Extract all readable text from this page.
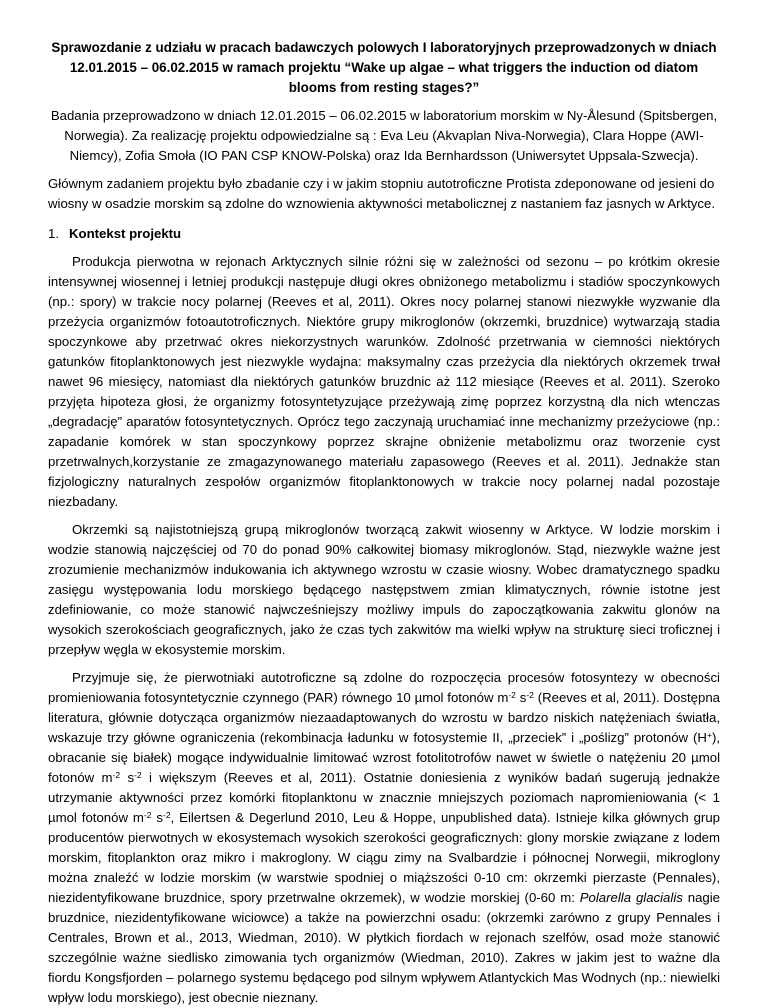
Sprawozdanie z udziału w pracach badawczych polowych I laboratoryjnych przeprowadzonych w dniach 12.01.2015 – 06.02.2015 w ramach projektu “Wake up algae – what triggers the induction od diatom blooms from resting stages?”

Badania przeprowadzono w dniach 12.01.2015 – 06.02.2015 w laboratorium morskim w Ny-Ålesund (Spitsbergen, Norwegia). Za realizację projektu odpowiedzialne są : Eva Leu (Akvaplan Niva-Norwegia), Clara Hoppe (AWI-Niemcy), Zofia Smoła (IO PAN CSP KNOW-Polska) oraz Ida Bernhardsson (Uniwersytet Uppsala-Szwecja).

Głównym zadaniem projektu było zbadanie czy i w jakim stopniu autotroficzne Protista zdeponowane od jesieni do wiosny w osadzie morskim są zdolne do wznowienia aktywności metabolicznej z nastaniem faz jasnych w Arktyce.

1. Kontekst projektu

Produkcja pierwotna w rejonach Arktycznych silnie różni się w zależności od sezonu – po krótkim okresie intensywnej wiosennej i letniej produkcji następuje długi okres obniżonego metabolizmu i stadiów spoczynkowych (np.: spory) w trakcie nocy polarnej (Reeves et al, 2011). Okres nocy polarnej stanowi niezwykłe wyzwanie dla przeżycia organizmów fotoautotroficznych. Niektóre grupy mikroglonów (okrzemki, bruzdnice) wytwarzają stadia spoczynkowe aby przetrwać okres niekorzystnych warunków. Zdolność przetrwania w ciemności niektórych gatunków fitoplanktonowych jest niezwykle wydajna: maksymalny czas przeżycia dla niektórych okrzemek trwał nawet 96 miesięcy, natomiast dla niektórych gatunków bruzdnic aż 112 miesiące (Reeves et al. 2011). Szeroko przyjęta hipoteza głosi, że organizmy fotosyntetyzujące przeżywają zimę poprzez korzystną dla nich wtenczas „degradację” aparatów fotosyntetycznych. Oprócz tego zaczynają uruchamiać inne mechanizmy przeżyciowe (np.: zapadanie komórek w stan spoczynkowy poprzez skrajne obniżenie metabolizmu oraz tworzenie cyst przetrwalnych,korzystanie ze zmagazynowanego materiału zapasowego (Reeves et al. 2011). Jednakże stan fizjologiczny naturalnych zespołów organizmów fitoplanktonowych w trakcie nocy polarnej nadal pozostaje niezbadany.

Okrzemki są najistotniejszą grupą mikroglonów tworzącą zakwit wiosenny w Arktyce. W lodzie morskim i wodzie stanowią najczęściej od 70 do ponad 90% całkowitej biomasy mikroglonów. Stąd, niezwykle ważne jest zrozumienie mechanizmów indukowania ich aktywnego wzrostu w czasie wiosny. Wobec dramatycznego spadku zasięgu występowania lodu morskiego będącego następstwem zmian klimatycznych, równie istotne jest zdefiniowanie, co może stanowić najwcześniejszy możliwy impuls do zapoczątkowania zakwitu glonów na wysokich szerokościach geograficznych, jako że czas tych zakwitów ma wielki wpływ na strukturę sieci troficznej i przepływ węgla w ekosystemie morskim.

Przyjmuje się, że pierwotniaki autotroficzne są zdolne do rozpoczęcia procesów fotosyntezy w obecności promieniowania fotosyntetycznie czynnego (PAR) równego 10 µmol fotonów $m^{-2}$ $s^{-2}$ (Reeves et al, 2011). Dostępna literatura, głównie dotycząca organizmów niezaadaptowanych do wzrostu w bardzo niskich natężeniach światła, wskazuje trzy główne ograniczenia (rekombinacja ładunku w fotosystemie II, „przeciek” i „poślizg” protonów (H+), obracanie się białek) mogące indywidualnie limitować wzrost fotolitotrofów nawet w świetle o natężeniu 20 µmol fotonów $m^{-2}$ $s^{-2}$ i większym (Reeves et al, 2011). Ostatnie doniesienia z wyników badań sugerują jednakże utrzymanie aktywności przez komórki fitoplanktonu w znacznie mniejszych poziomach napromieniowania (< 1 µmol fotonów $m^{-2}$ $s^{-2}$, Eilertsen & Degerlund 2010, Leu & Hoppe, unpublished data). Istnieje kilka głównych grup producentów pierwotnych w ekosystemach wysokich szerokości geograficznych: glony morskie związane z lodem morskim, fitoplankton oraz mikro i makroglony. W ciągu zimy na Svalbardzie i północnej Norwegii, mikroglony można znaleźć w lodzie morskim (w warstwie spodniej o miąższości 0-10 cm: okrzemki pierzaste (Pennales), niezidentyfikowane bruzdnice, spory przetrwalne okrzemek), w wodzie morskiej (0-60 m: Polarella glacialis nagie bruzdnice, niezidentyfikowane wiciowce) a także na powierzchni osadu: (okrzemki zarówno z grupy Pennales i Centrales, Brown et al., 2013, Wiedman, 2010). W płytkich fiordach w rejonach szelfów, osad może stanowić szczególnie ważne siedlisko zimowania tych organizmów (Wiedman, 2010). Zakres w jakim jest to ważne dla fiordu Kongsfjorden – polarnego systemu będącego pod silnym wpływem Atlantyckich Mas Wodnych (np.: niewielki wpływ lodu morskiego), jest obecnie nieznany.
